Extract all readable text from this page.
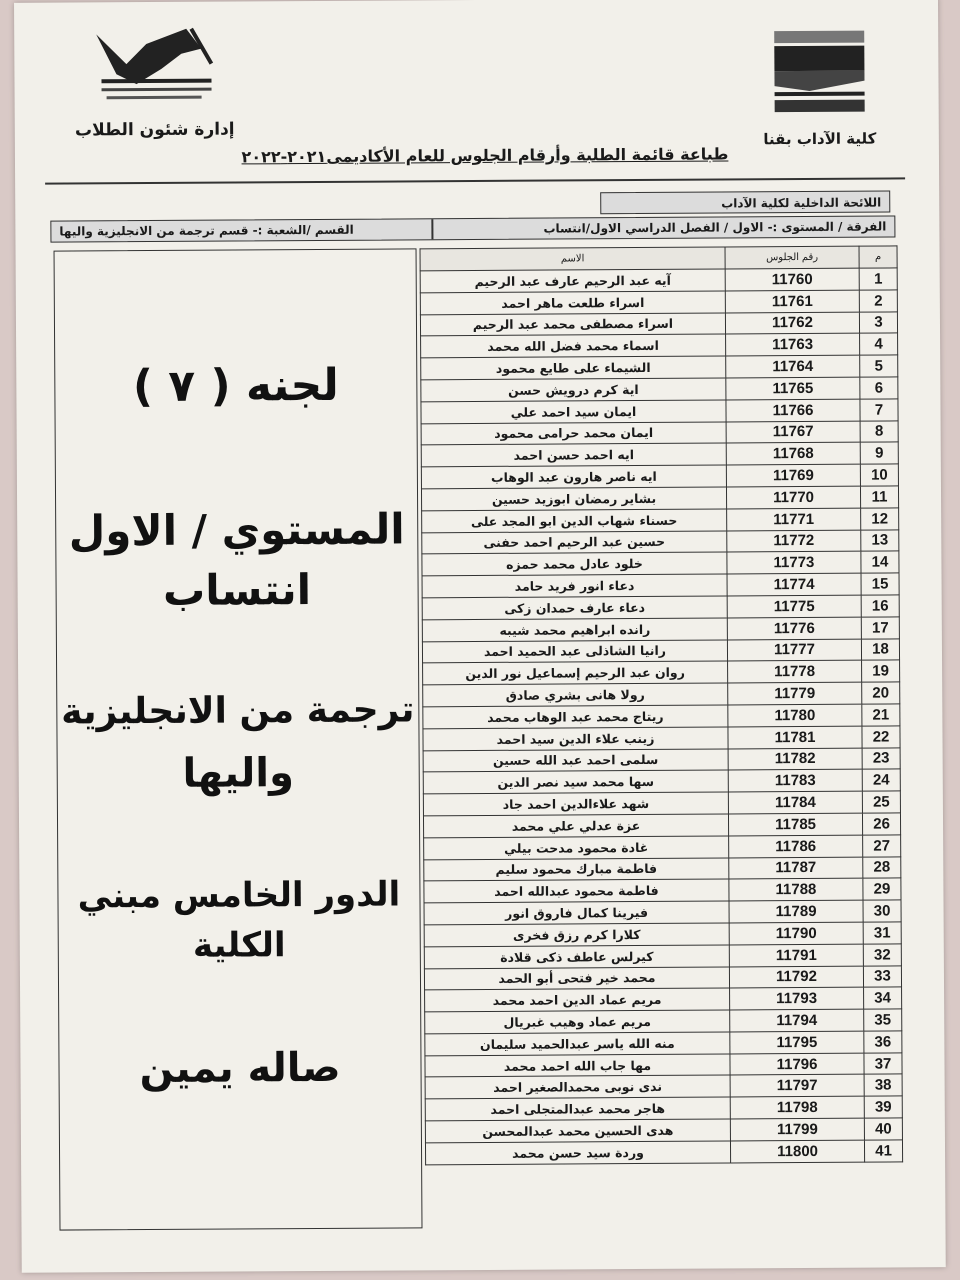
إدارة شئون الطلاب	كلية الآداب بقنا
طباعة قائمة الطلبة وأرقام الجلوس للعام الأكاديمى٢٠٢١-٢٠٢٢
اللائحة الداخلية لكلية الآداب
الفرقة / المستوى :- الاول / الفصل الدراسي الاول/انتساب
القسم /الشعبة :- قسم ترجمة من الانجليزية واليها
لجنه ( ٧ )
المستوي / الاول
انتساب
ترجمة من الانجليزية
واليها
الدور الخامس مبني
الكلية
صاله يمين
م	رقم الجلوس	الاسم
1	11760	آيه عبد الرحيم عارف عبد الرحيم
2	11761	اسراء طلعت ماهر احمد
3	11762	اسراء مصطفى محمد عبد الرحيم
4	11763	اسماء محمد فضل الله محمد
5	11764	الشيماء على طايع محمود
6	11765	اية كرم درويش حسن
7	11766	ايمان سيد احمد علي
8	11767	ايمان محمد حرامى محمود
9	11768	ايه احمد حسن احمد
10	11769	ايه ناصر هارون عبد الوهاب
11	11770	بشاير رمضان ابوزيد حسين
12	11771	حسناء شهاب الدين ابو المجد على
13	11772	حسين عبد الرحيم احمد حفنى
14	11773	خلود عادل محمد حمزه
15	11774	دعاء انور فريد حامد
16	11775	دعاء عارف حمدان زكى
17	11776	رانده ابراهيم محمد شيبه
18	11777	رانيا الشاذلى عبد الحميد احمد
19	11778	روان عبد الرحيم إسماعيل نور الدين
20	11779	رولا هانى بشري صادق
21	11780	ريتاج محمد عبد الوهاب محمد
22	11781	زينب علاء الدين سيد احمد
23	11782	سلمى احمد عبد الله حسين
24	11783	سها محمد سيد نصر الدين
25	11784	شهد علاءالدين احمد جاد
26	11785	عزة عدلي علي محمد
27	11786	غادة محمود مدحت بيلي
28	11787	فاطمة مبارك محمود سليم
29	11788	فاطمة محمود عبدالله احمد
30	11789	فيرينا كمال فاروق انور
31	11790	كلارا كرم رزق فخرى
32	11791	كيرلس عاطف ذكى قلادة
33	11792	محمد خير فتحى أبو الحمد
34	11793	مريم عماد الدين احمد محمد
35	11794	مريم عماد وهيب غبريال
36	11795	منه الله ياسر عبدالحميد سليمان
37	11796	مها جاب الله احمد محمد
38	11797	ندى نوبى محمدالصغير احمد
39	11798	هاجر محمد عبدالمتجلى احمد
40	11799	هدى الحسين محمد عبدالمحسن
41	11800	وردة سيد حسن محمد
